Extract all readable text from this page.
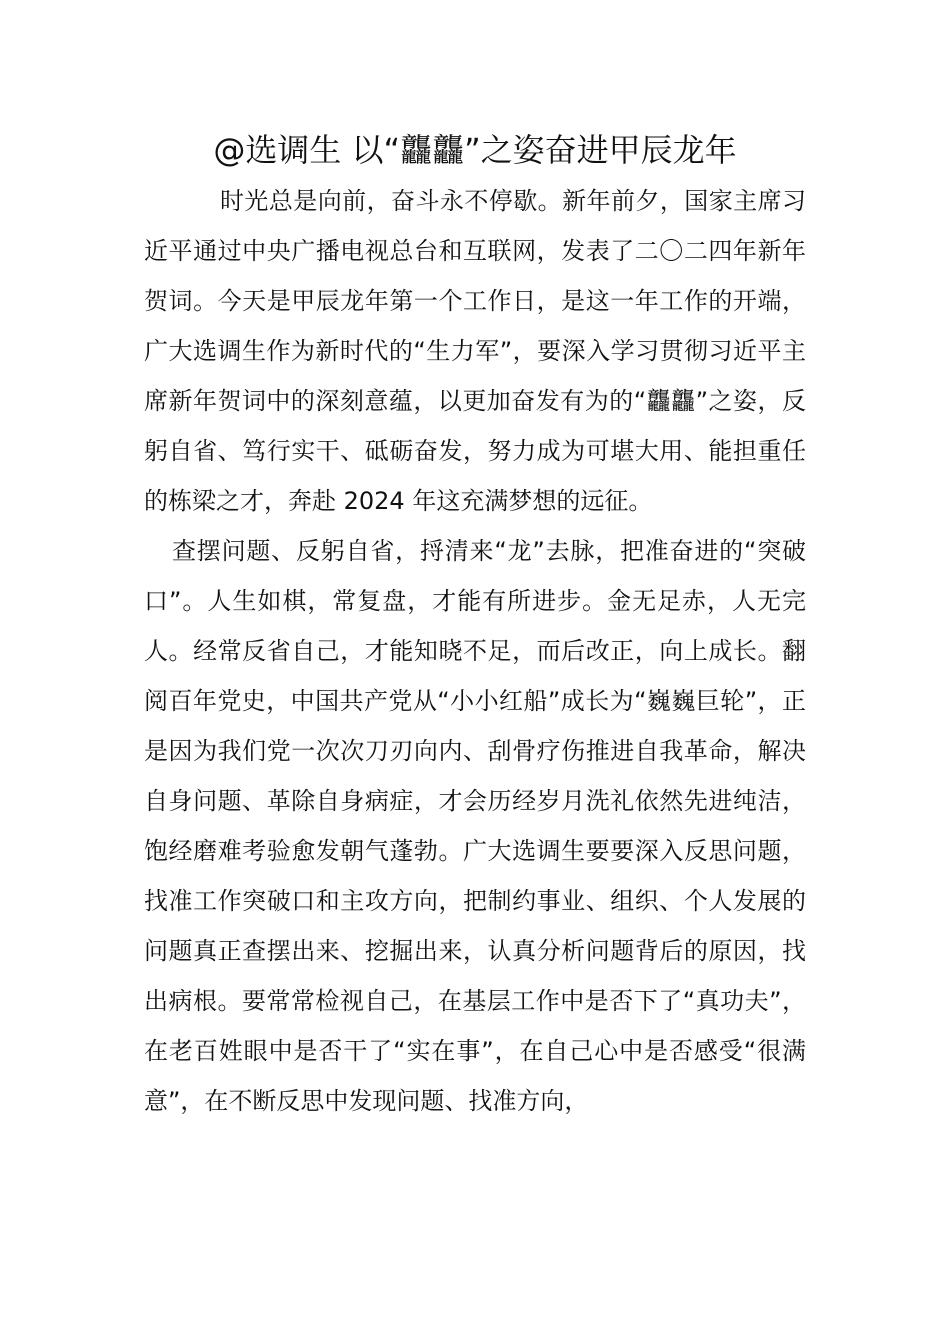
@选调生 以“龘龘”之姿奋进甲辰龙年

时光总是向前，奋斗永不停歇。新年前夕，国家主席习近平通过中央广播电视总台和互联网，发表了二〇二四年新年贺词。今天是甲辰龙年第一个工作日，是这一年工作的开端，广大选调生作为新时代的“生力军”，要深入学习贯彻习近平主席新年贺词中的深刻意蕴，以更加奋发有为的“龘龘”之姿，反躬自省、笃行实干、砥砺奋发，努力成为可堪大用、能担重任的栋梁之才，奔赴 2024 年这充满梦想的远征。

查摆问题、反躬自省，捋清来“龙”去脉，把准奋进的“突破口”。人生如棋，常复盘，才能有所进步。金无足赤，人无完人。经常反省自己，才能知晓不足，而后改正，向上成长。翻阅百年党史，中国共产党从“小小红船”成长为“巍巍巨轮”，正是因为我们党一次次刀刃向内、刮骨疗伤推进自我革命，解决自身问题、革除自身病症，才会历经岁月洗礼依然先进纯洁，饱经磨难考验愈发朝气蓬勃。广大选调生要要深入反思问题，找准工作突破口和主攻方向，把制约事业、组织、个人发展的问题真正查摆出来、挖掘出来，认真分析问题背后的原因，找出病根。要常常检视自己，在基层工作中是否下了“真功夫”，在老百姓眼中是否干了“实在事”，在自己心中是否感受“很满意”，在不断反思中发现问题、找准方向，
